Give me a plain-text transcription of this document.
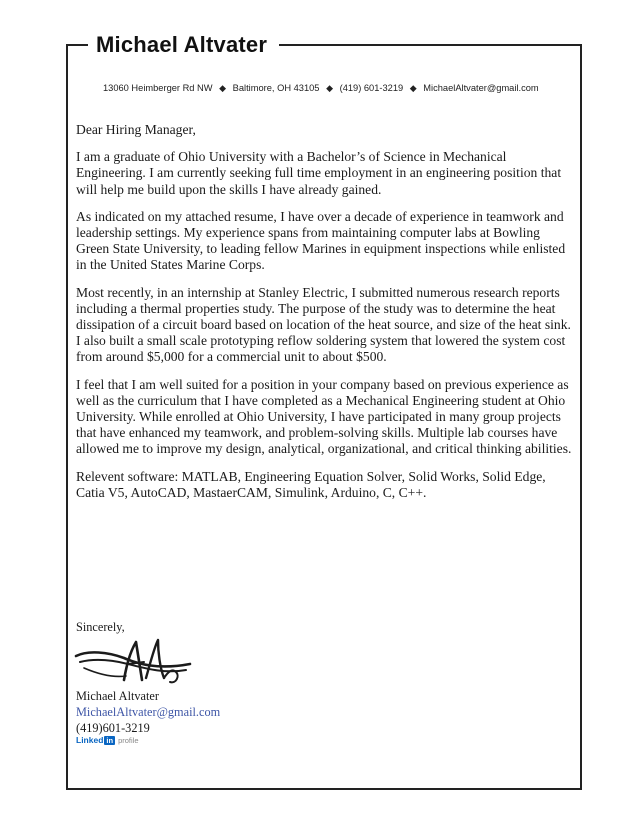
Michael Altvater
13060 Heimberger Rd NW ◆ Baltimore, OH 43105 ◆ (419) 601-3219 ◆ MichaelAltvater@gmail.com

Dear Hiring Manager,

I am a graduate of Ohio University with a Bachelor’s of Science in Mechanical Engineering. I am currently seeking full time employment in an engineering position that will help me build upon the skills I have already gained.

As indicated on my attached resume, I have over a decade of experience in teamwork and leadership settings. My experience spans from maintaining computer labs at Bowling Green State University, to leading fellow Marines in equipment inspections while enlisted in the United States Marine Corps.

Most recently, in an internship at Stanley Electric, I submitted numerous research reports including a thermal properties study. The purpose of the study was to determine the heat dissipation of a circuit board based on location of the heat source, and size of the heat sink. I also built a small scale prototyping reflow soldering system that lowered the system cost from around $5,000 for a commercial unit to about $500.

I feel that I am well suited for a position in your company based on previous experience as well as the curriculum that I have completed as a Mechanical Engineering student at Ohio University. While enrolled at Ohio University, I have participated in many group projects that have enhanced my teamwork, and problem-solving skills. Multiple lab courses have allowed me to improve my design, analytical, organizational, and critical thinking abilities.

Relevent software: MATLAB, Engineering Equation Solver, Solid Works, Solid Edge, Catia V5, AutoCAD, MastaerCAM, Simulink, Arduino, C, C++.

Sincerely,
Michael Altvater
MichaelAltvater@gmail.com
(419)601-3219
Linked in profile
